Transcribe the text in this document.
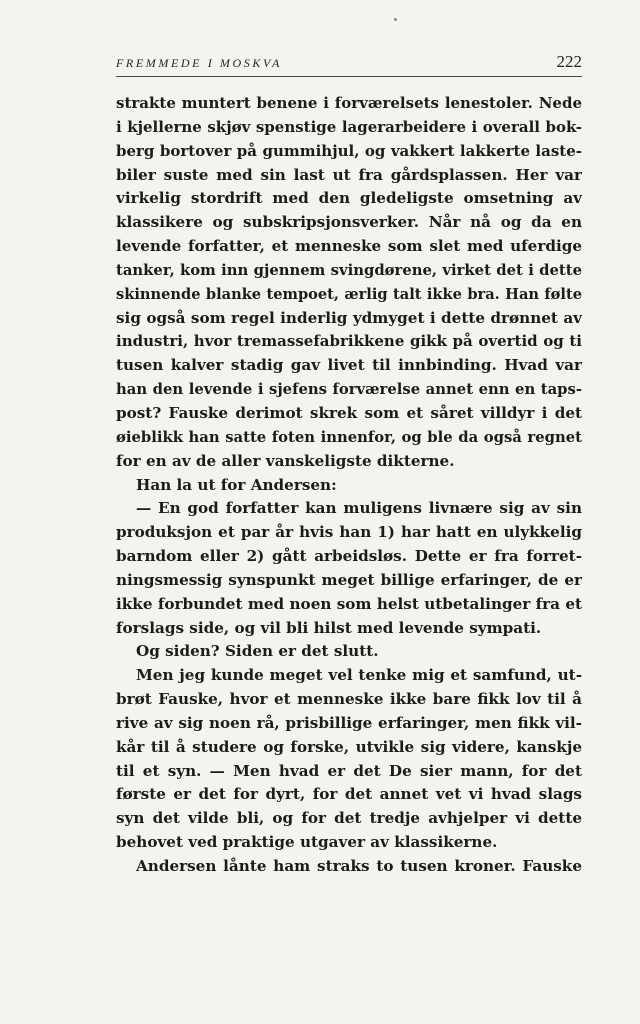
FREMMEDE I MOSKVA	222
strakte muntert benene i forværelsets lenestoler. Nede
i kjellerne skjøv spenstige lagerarbeidere i overall bok-
berg bortover på gummihjul, og vakkert lakkerte laste-
biler suste med sin last ut fra gårdsplassen. Her var
virkelig stordrift med den gledeligste omsetning av
klassikere og subskripsjonsverker. Når nå og da en
levende forfatter, et menneske som slet med uferdige
tanker, kom inn gjennem svingdørene, virket det i dette
skinnende blanke tempoet, ærlig talt ikke bra. Han følte
sig også som regel inderlig ydmyget i dette drønnet av
industri, hvor tremassefabrikkene gikk på overtid og ti
tusen kalver stadig gav livet til innbinding. Hvad var
han den levende i sjefens forværelse annet enn en taps-
post? Fauske derimot skrek som et såret villdyr i det
øieblikk han satte foten innenfor, og ble da også regnet
for en av de aller vanskeligste dikterne.
Han la ut for Andersen:
— En god forfatter kan muligens livnære sig av sin
produksjon et par år hvis han 1) har hatt en ulykkelig
barndom eller 2) gått arbeidsløs. Dette er fra forret-
ningsmessig synspunkt meget billige erfaringer, de er
ikke forbundet med noen som helst utbetalinger fra et
forslags side, og vil bli hilst med levende sympati.
Og siden? Siden er det slutt.
Men jeg kunde meget vel tenke mig et samfund, ut-
brøt Fauske, hvor et menneske ikke bare fikk lov til å
rive av sig noen rå, prisbillige erfaringer, men fikk vil-
kår til å studere og forske, utvikle sig videre, kanskje
til et syn. — Men hvad er det De sier mann, for det
første er det for dyrt, for det annet vet vi hvad slags
syn det vilde bli, og for det tredje avhjelper vi dette
behovet ved praktige utgaver av klassikerne.
Andersen lånte ham straks to tusen kroner. Fauske
